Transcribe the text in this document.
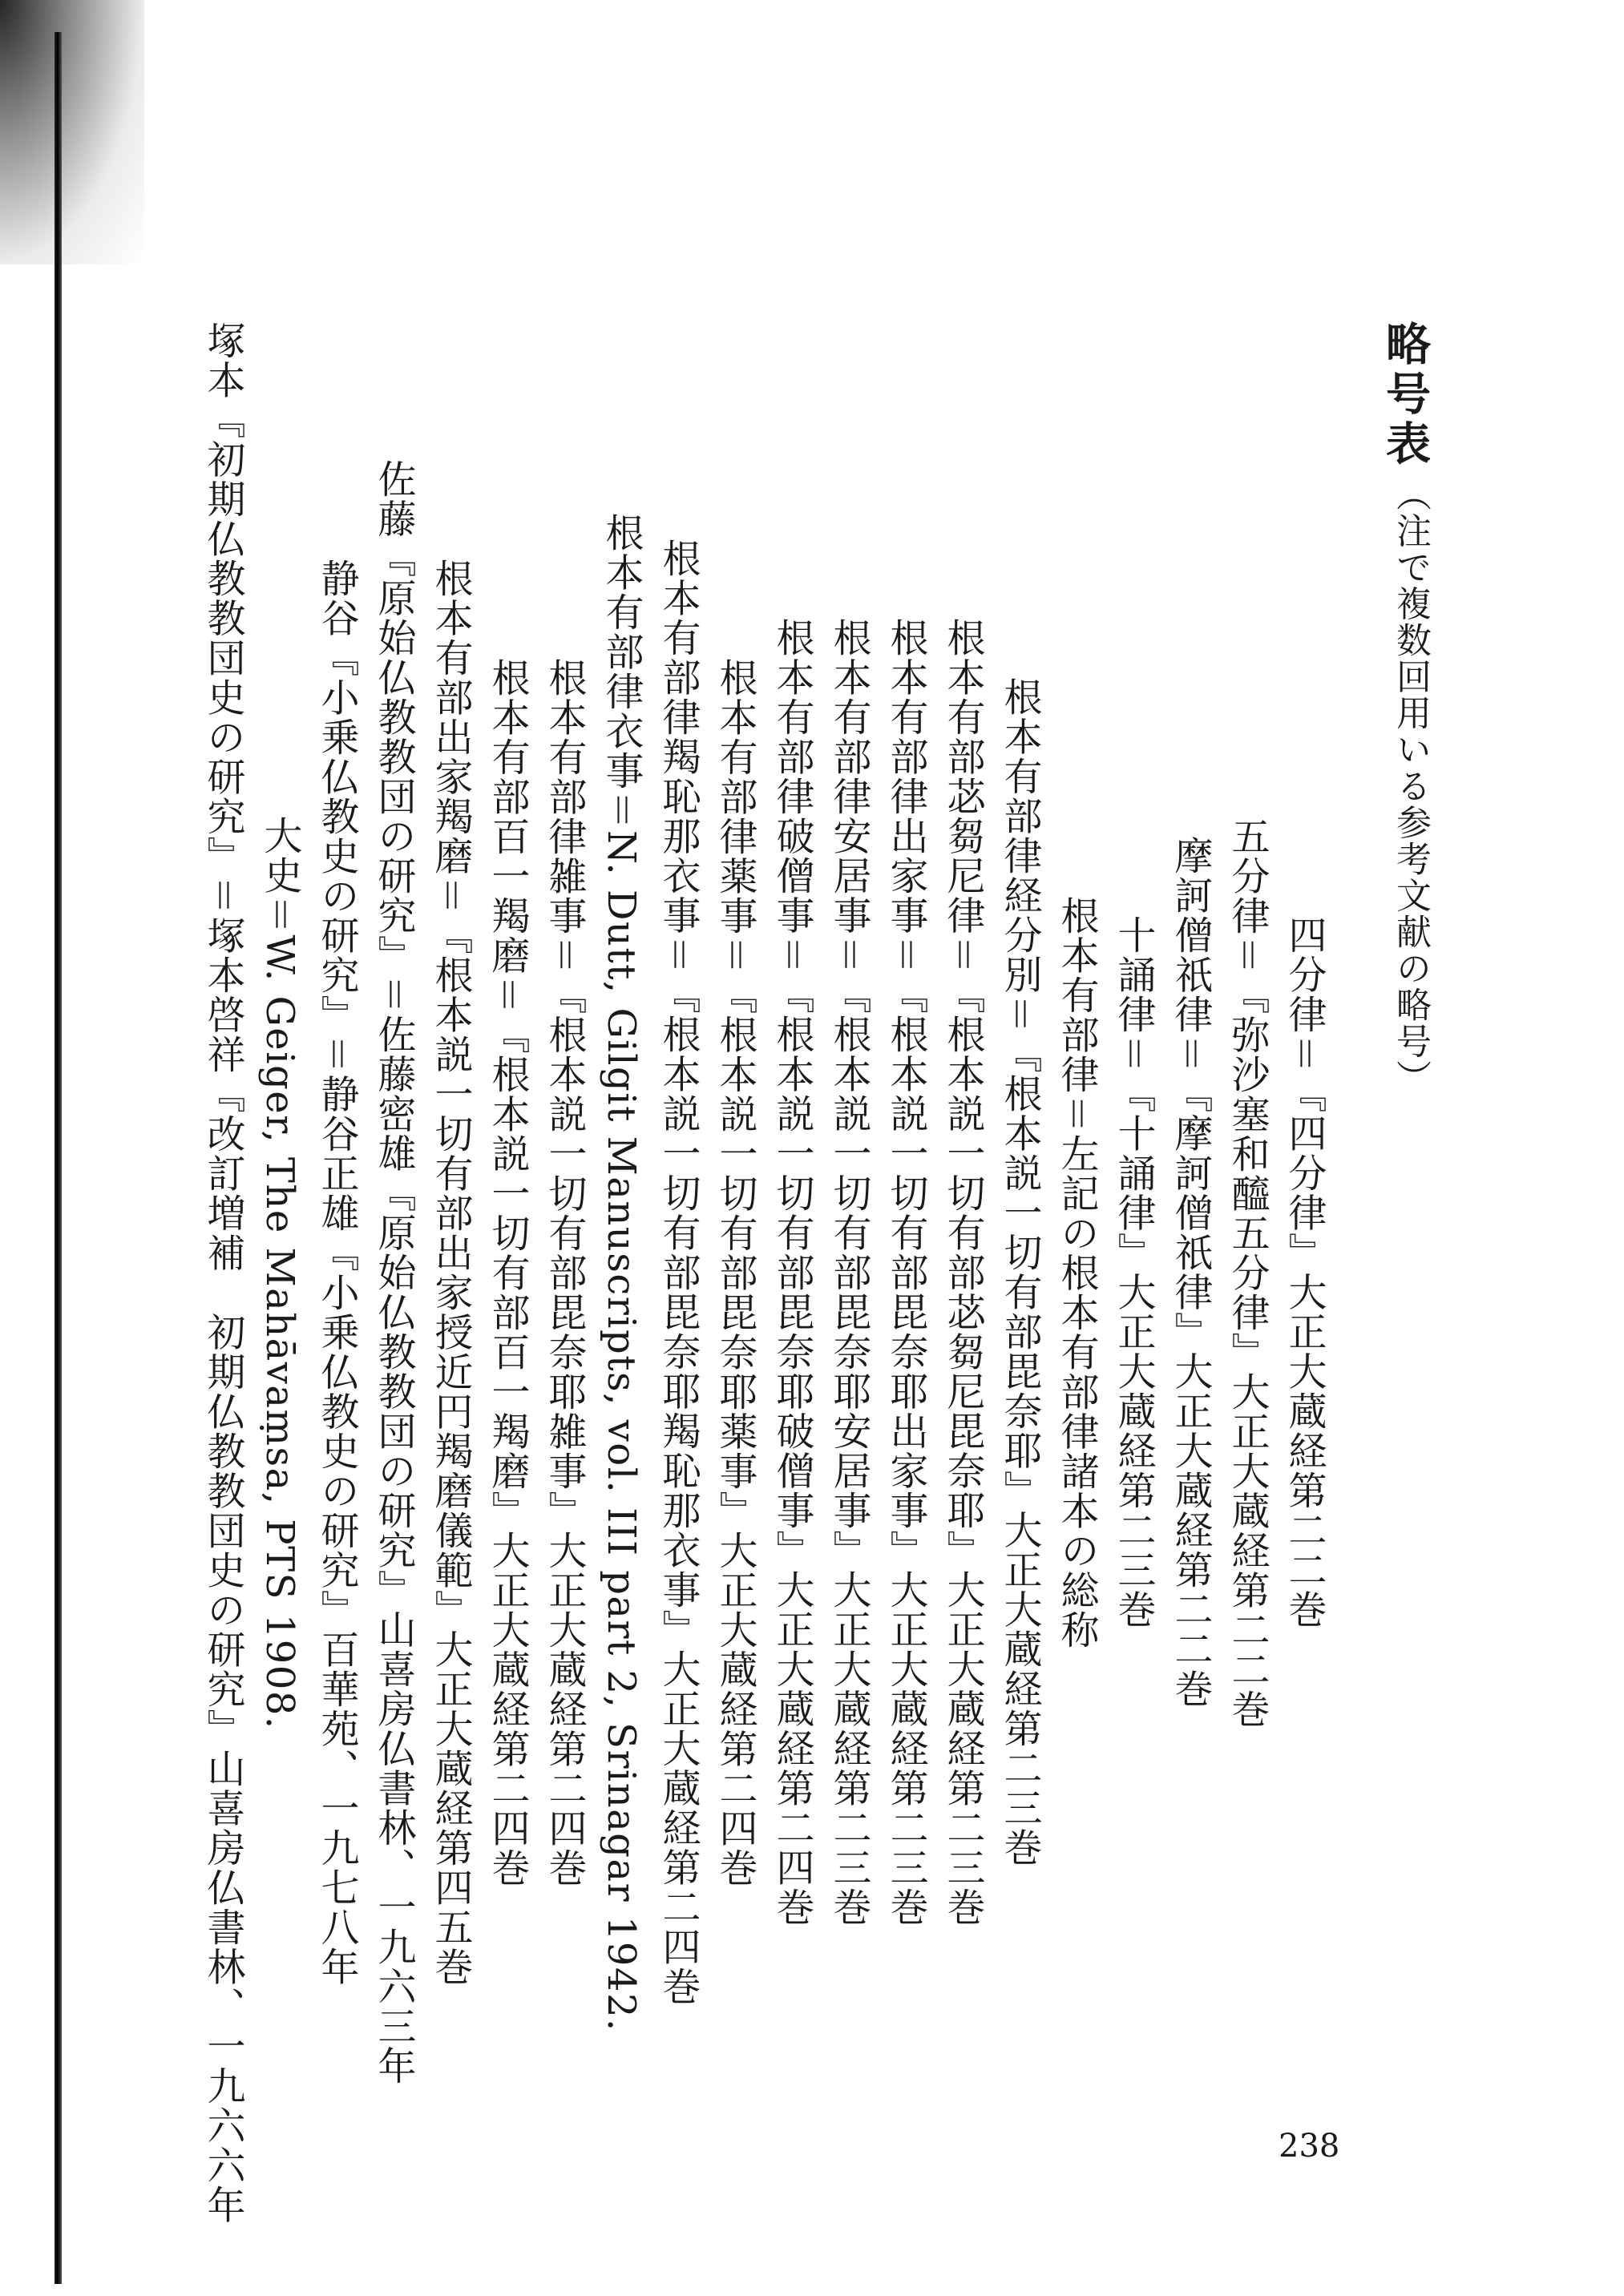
略号表
（注で複数回用いる参考文献の略号）
四分律＝『四分律』大正大蔵経第二二巻
五分律＝『弥沙塞和醯五分律』大正大蔵経第二二巻
摩訶僧祇律＝『摩訶僧祇律』大正大蔵経第二二巻
十誦律＝『十誦律』大正大蔵経第二三巻
根本有部律＝左記の根本有部律諸本の総称
根本有部律経分別＝『根本説一切有部毘奈耶』大正大蔵経第二三巻
根本有部苾芻尼律＝『根本説一切有部苾芻尼毘奈耶』大正大蔵経第二三巻
根本有部律出家事＝『根本説一切有部毘奈耶出家事』大正大蔵経第二三巻
根本有部律安居事＝『根本説一切有部毘奈耶安居事』大正大蔵経第二三巻
根本有部律破僧事＝『根本説一切有部毘奈耶破僧事』大正大蔵経第二四巻
根本有部律薬事＝『根本説一切有部毘奈耶薬事』大正大蔵経第二四巻
根本有部律羯恥那衣事＝『根本説一切有部毘奈耶羯恥那衣事』大正大蔵経第二四巻
根本有部律衣事＝N. Dutt, Gilgit Manuscripts, vol. III part 2, Srinagar 1942.
根本有部律雑事＝『根本説一切有部毘奈耶雑事』大正大蔵経第二四巻
根本有部百一羯磨＝『根本説一切有部百一羯磨』大正大蔵経第二四巻
根本有部出家羯磨＝『根本説一切有部出家授近円羯磨儀範』大正大蔵経第四五巻
佐藤『原始仏教教団の研究』＝佐藤密雄『原始仏教教団の研究』山喜房仏書林、一九六三年
静谷『小乗仏教史の研究』＝静谷正雄『小乗仏教史の研究』百華苑、一九七八年
大史＝W. Geiger, The Mahāvaṃsa, PTS 1908.
塚本『初期仏教教団史の研究』＝塚本啓祥『改訂増補　初期仏教教団史の研究』山喜房仏書林、一九六六年	238
